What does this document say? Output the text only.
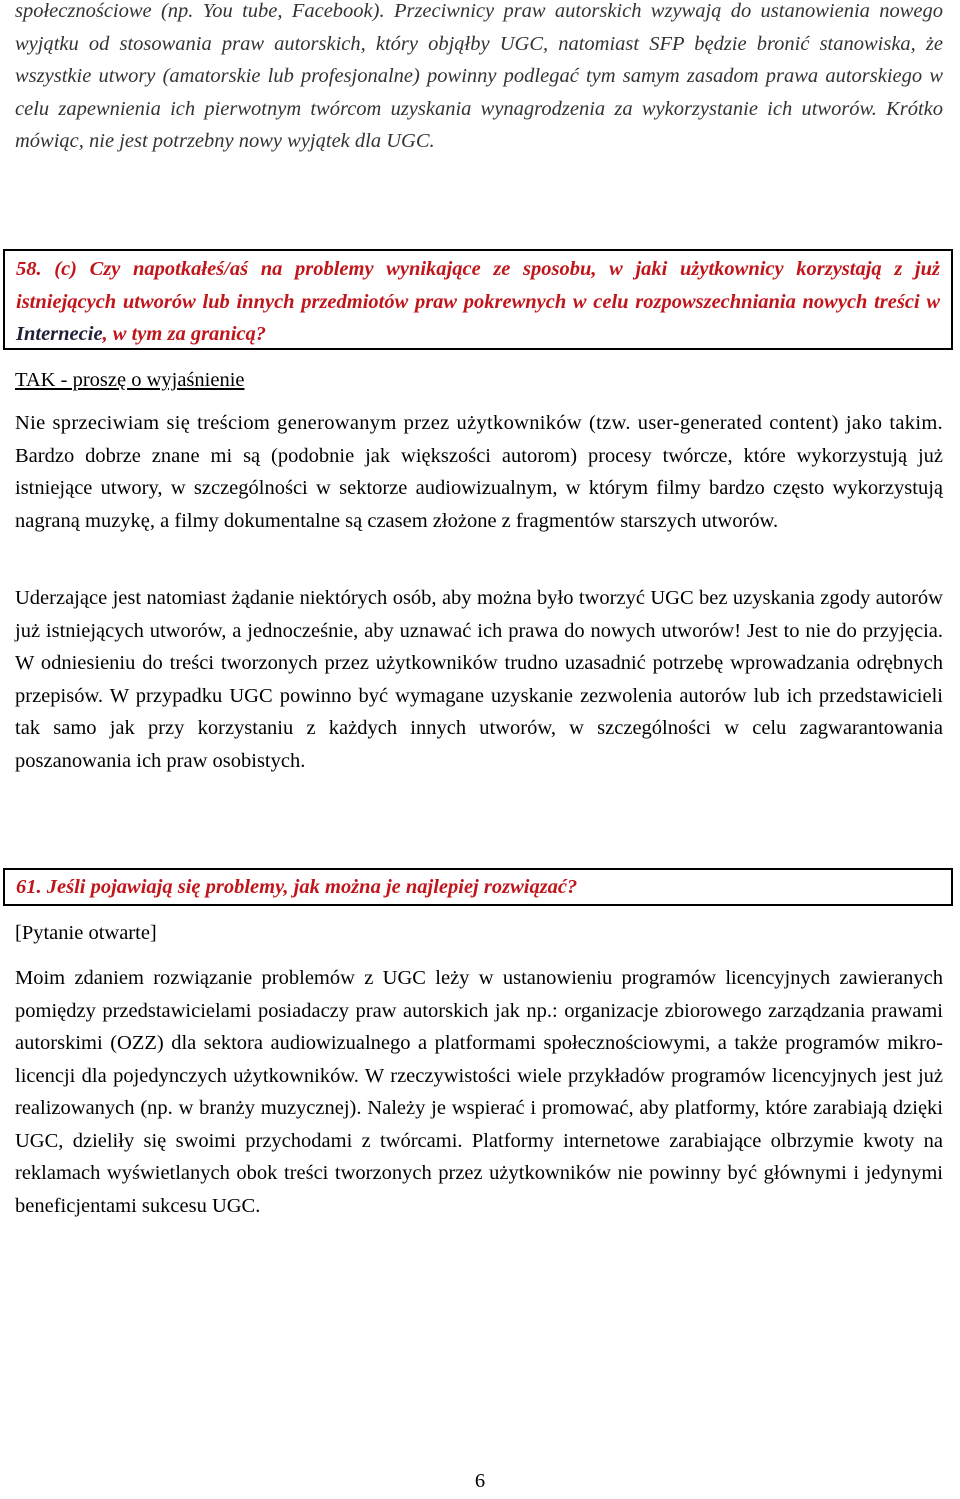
społecznościowe (np. You tube, Facebook). Przeciwnicy praw autorskich wzywają do ustanowienia nowego wyjątku od stosowania praw autorskich, który objąłby UGC, natomiast SFP będzie bronić stanowiska, że wszystkie utwory (amatorskie lub profesjonalne) powinny podlegać tym samym zasadom prawa autorskiego w celu zapewnienia ich pierwotnym twórcom uzyskania wynagrodzenia za wykorzystanie ich utworów. Krótko mówiąc, nie jest potrzebny nowy wyjątek dla UGC.

58. (c) Czy napotkałeś/aś na problemy wynikające ze sposobu, w jaki użytkownicy korzystają z już istniejących utworów lub innych przedmiotów praw pokrewnych w celu rozpowszechniania nowych treści w Internecie, w tym za granicą?

TAK - proszę o wyjaśnienie

Nie sprzeciwiam się treściom generowanym przez użytkowników (tzw. user-generated content) jako takim. Bardzo dobrze znane mi są (podobnie jak większości autorom) procesy twórcze, które wykorzystują już istniejące utwory, w szczególności w sektorze audiowizualnym, w którym filmy bardzo często wykorzystują nagraną muzykę, a filmy dokumentalne są czasem złożone z fragmentów starszych utworów.

Uderzające jest natomiast żądanie niektórych osób, aby można było tworzyć UGC bez uzyskania zgody autorów już istniejących utworów, a jednocześnie, aby uznawać ich prawa do nowych utworów! Jest to nie do przyjęcia. W odniesieniu do treści tworzonych przez użytkowników trudno uzasadnić potrzebę wprowadzania odrębnych przepisów. W przypadku UGC powinno być wymagane uzyskanie zezwolenia autorów lub ich przedstawicieli tak samo jak przy korzystaniu z każdych innych utworów, w szczególności w celu zagwarantowania poszanowania ich praw osobistych.

61. Jeśli pojawiają się problemy, jak można je najlepiej rozwiązać?

[Pytanie otwarte]

Moim zdaniem rozwiązanie problemów z UGC leży w ustanowieniu programów licencyjnych zawieranych pomiędzy przedstawicielami posiadaczy praw autorskich jak np.: organizacje zbiorowego zarządzania prawami autorskimi (OZZ) dla sektora audiowizualnego a platformami społecznościowymi, a także programów mikro-licencji dla pojedynczych użytkowników. W rzeczywistości wiele przykładów programów licencyjnych jest już realizowanych (np. w branży muzycznej). Należy je wspierać i promować, aby platformy, które zarabiają dzięki UGC, dzieliły się swoimi przychodami z twórcami. Platformy internetowe zarabiające olbrzymie kwoty na reklamach wyświetlanych obok treści tworzonych przez użytkowników nie powinny być głównymi i jedynymi beneficjentami sukcesu UGC.

6
